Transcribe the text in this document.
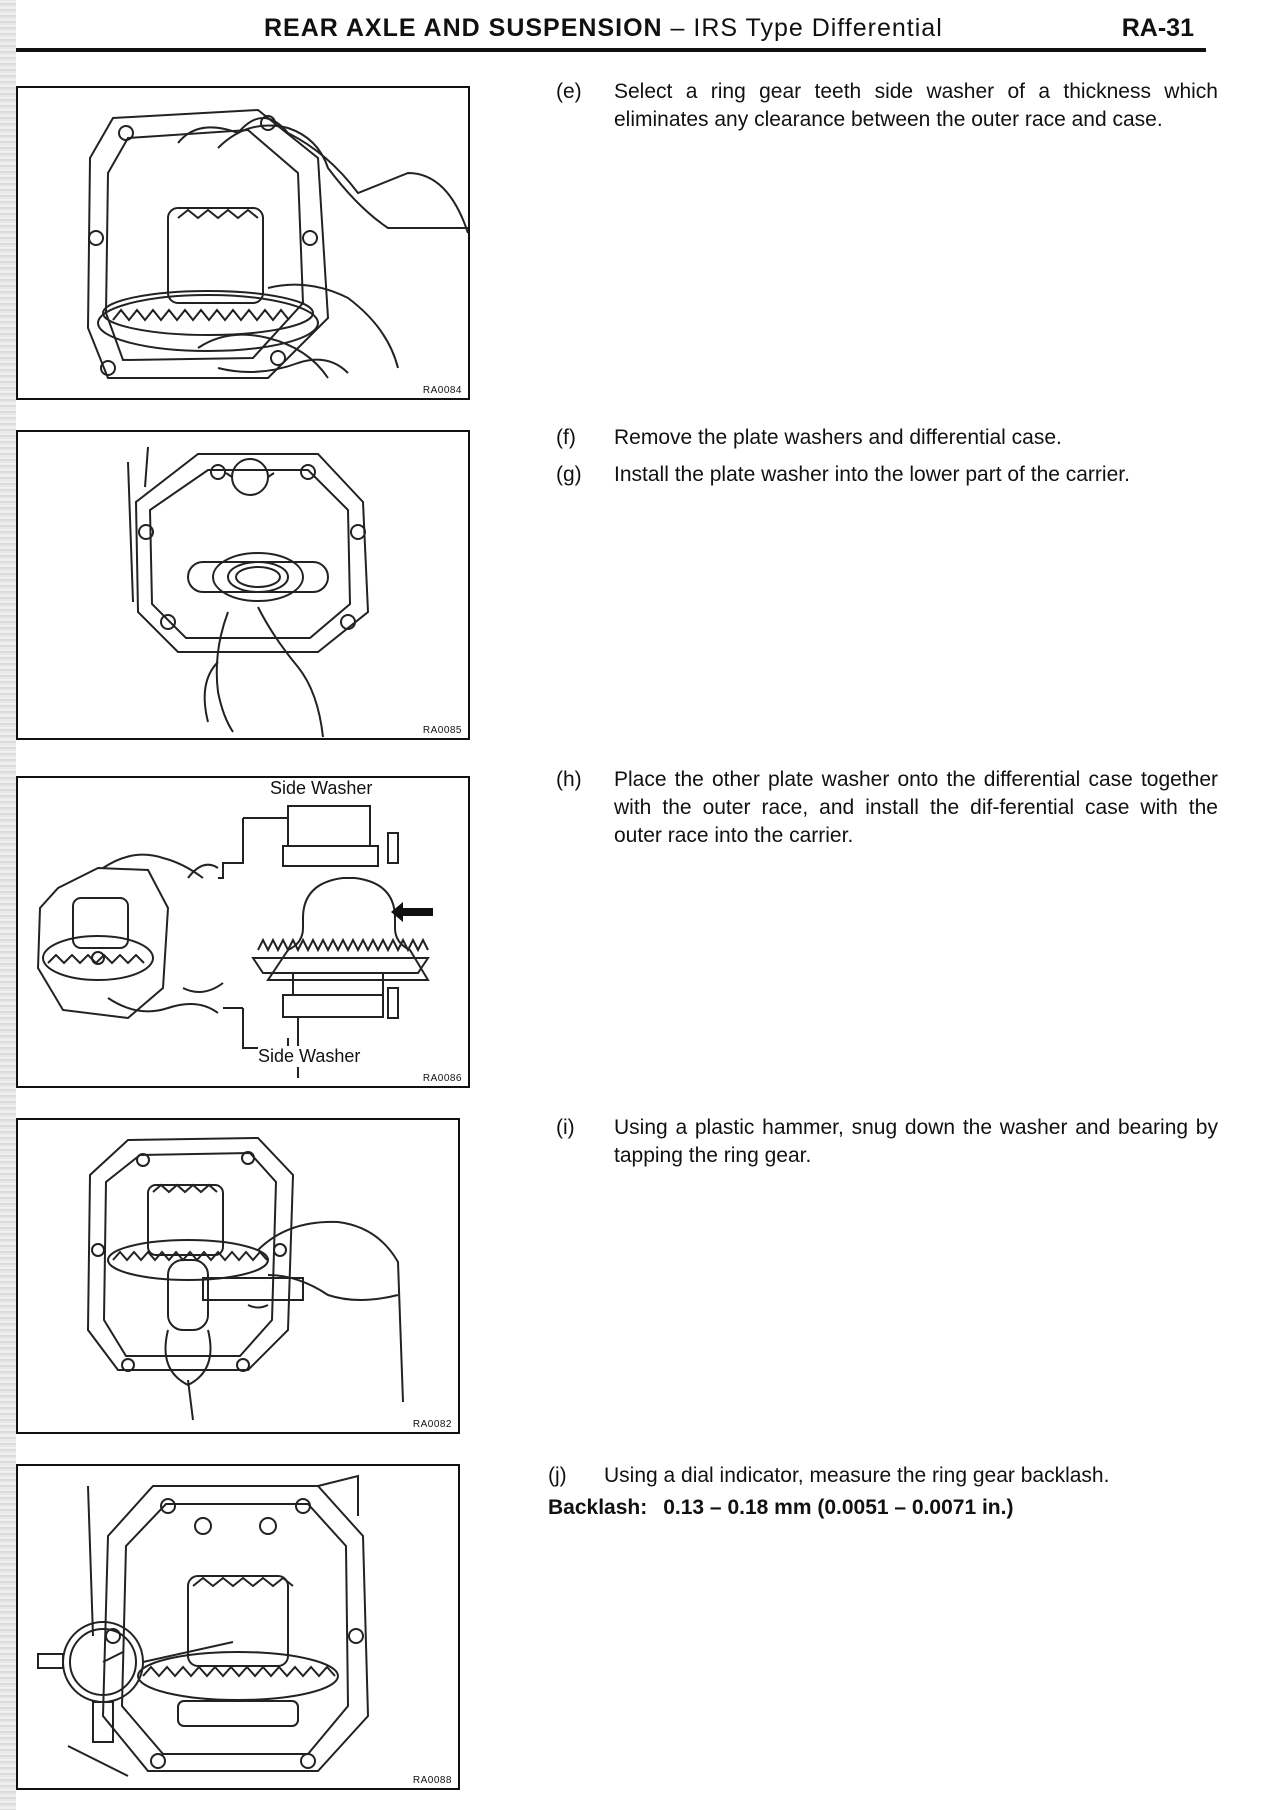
REAR AXLE AND SUSPENSION – IRS Type Differential	RA-31
RA0084
RA0085
Side Washer
Side Washer
RA0086
RA0082
RA0088
(e)	Select a ring gear teeth side washer of a thickness which eliminates any clearance between the outer race and case.
(f)	Remove the plate washers and differential case.
(g)	Install the plate washer into the lower part of the carrier.
(h)	Place the other plate washer onto the differential case together with the outer race, and install the dif-ferential case with the outer race into the carrier.
(i)	Using a plastic hammer, snug down the washer and bearing by tapping the ring gear.
(j)	Using a dial indicator, measure the ring gear backlash.
Backlash: 0.13 – 0.18 mm (0.0051 – 0.0071 in.)
